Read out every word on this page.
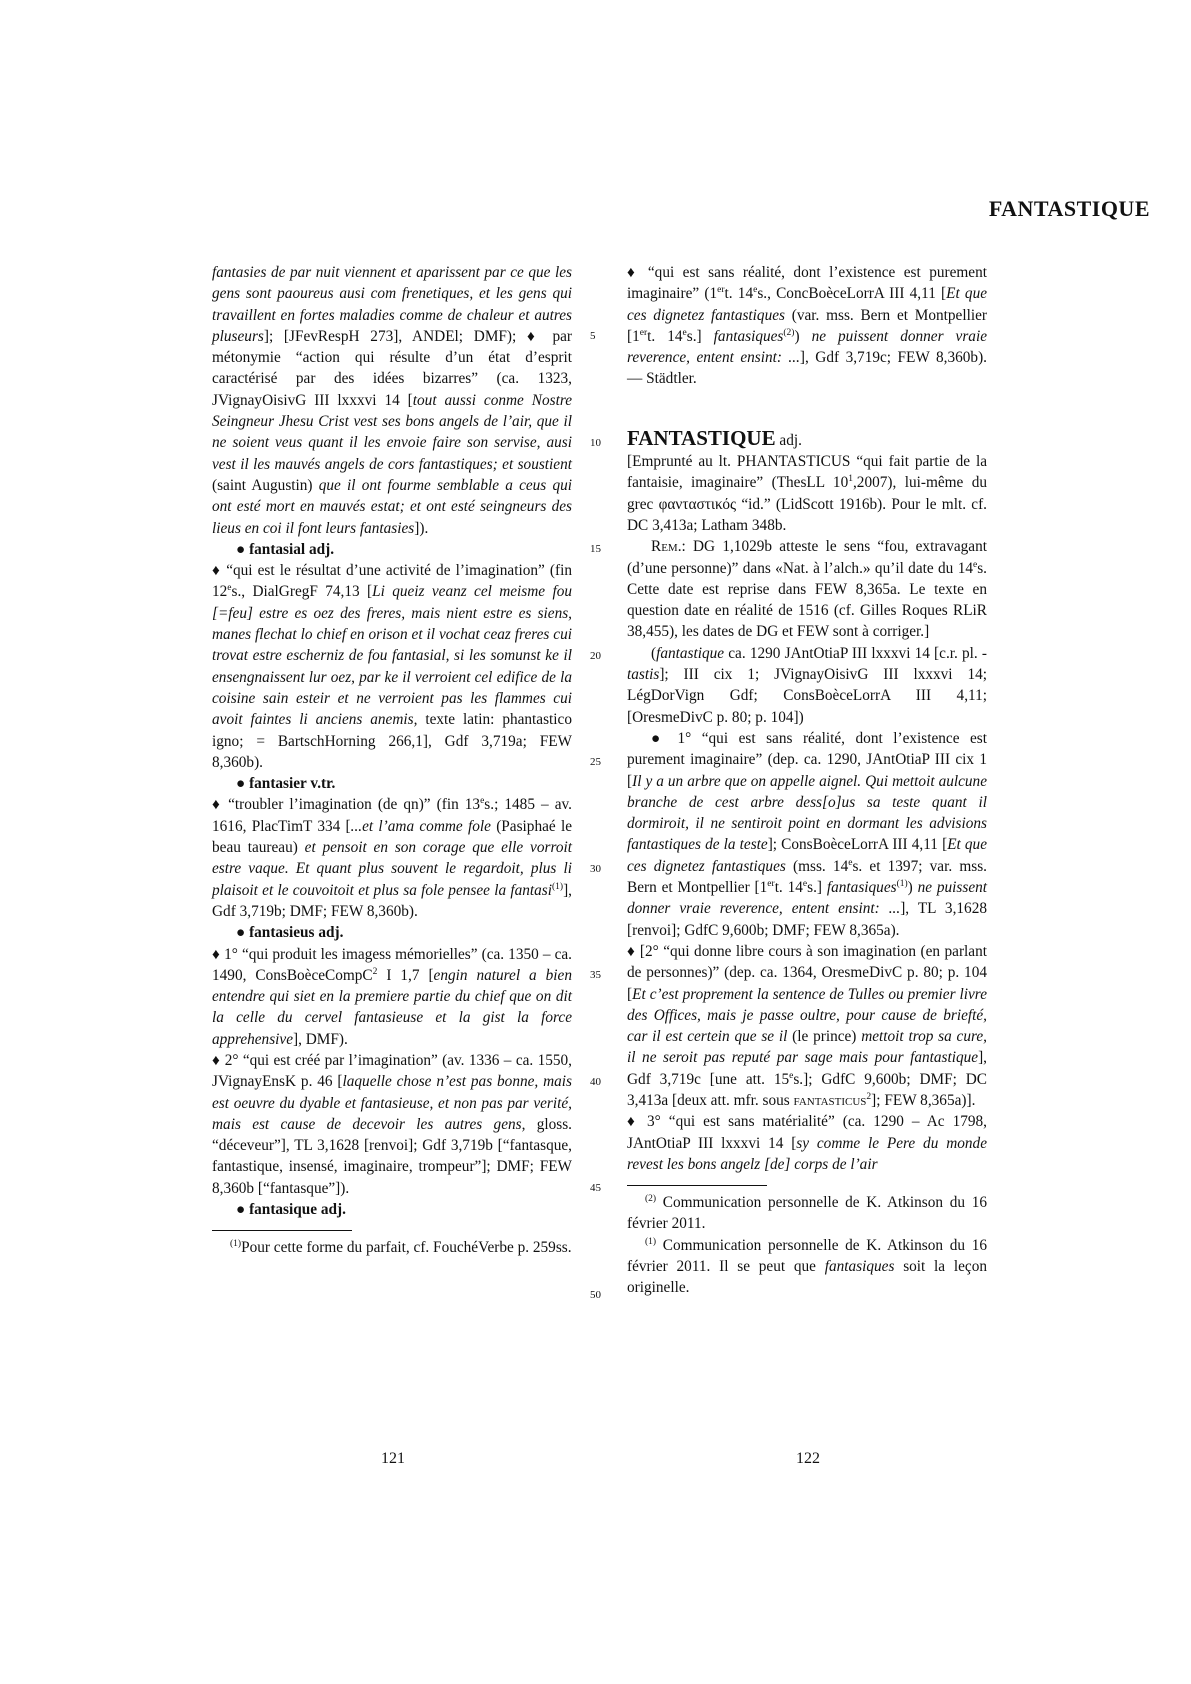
FANTASTIQUE
5
10
15
20
25
30
35
40
45
50

fantasies de par nuit viennent et aparissent par ce que les gens sont paoureus ausi com frenetiques, et les gens qui travaillent en fortes maladies comme de chaleur et autres pluseurs]; [JFevRespH 273], ANDEl; DMF); ♦ par métonymie “action qui résulte d’un état d’esprit caractérisé par des idées bizarres” (ca. 1323, JVignayOisivG III lxxxvi 14 [tout aussi conme Nostre Seingneur Jhesu Crist vest ses bons angels de l’air, que il ne soient veus quant il les envoie faire son servise, ausi vest il les mauvés angels de cors fantastiques; et soustient (saint Augustin) que il ont fourme semblable a ceus qui ont esté mort en mauvés estat; et ont esté seingneurs des lieus en coi il font leurs fantasies]).

● fantasial adj.

♦ “qui est le résultat d’une activité de l’imagination” (fin 12es., DialGregF 74,13 [Li queiz veanz cel meisme fou [=feu] estre es oez des freres, mais nient estre es siens, manes flechat lo chief en orison et il vochat ceaz freres cui trovat estre escherniz de fou fantasial, si les somunst ke il ensengnaissent lur oez, par ke il verroient cel edifice de la coisine sain esteir et ne verroient pas les flammes cui avoit faintes li anciens anemis, texte latin: phantastico igno; = BartschHorning 266,1], Gdf 3,719a; FEW 8,360b).

● fantasier v.tr.

♦ “troubler l’imagination (de qn)” (fin 13es.; 1485 – av. 1616, PlacTimT 334 [...et l’ama comme fole (Pasiphaé le beau taureau) et pensoit en son corage que elle vorroit estre vaque. Et quant plus souvent le regardoit, plus li plaisoit et le couvoitoit et plus sa fole pensee la fantasi$^{(1)}$], Gdf 3,719b; DMF; FEW 8,360b).

● fantasieus adj.

♦ 1° “qui produit les imagess mémorielles” (ca. 1350 – ca. 1490, ConsBoèceCompC$^2$ I 1,7 [engin naturel a bien entendre qui siet en la premiere partie du chief que on dit la celle du cervel fantasieuse et la gist la force apprehensive], DMF).

♦ 2° “qui est créé par l’imagination” (av. 1336 – ca. 1550, JVignayEnsK p. 46 [laquelle chose n’est pas bonne, mais est oeuvre du dyable et fantasieuse, et non pas par verité, mais est cause de decevoir les autres gens, gloss. “déceveur”], TL 3,1628 [renvoi]; Gdf 3,719b [“fantasque, fantastique, insensé, imaginaire, trompeur”]; DMF; FEW 8,360b [“fantasque”]).

● fantasique adj.

$^{(1)}$Pour cette forme du parfait, cf. FouchéVerbe p. 259ss.

♦ “qui est sans réalité, dont l’existence est purement imaginaire” (1ert. 14es., ConcBoèceLorrA III 4,11 [Et que ces dignetez fantastiques (var. mss. Bern et Montpellier [1ert. 14es.] fantasiques$^{(2)}$) ne puissent donner vraie reverence, entent ensint: ...], Gdf 3,719c; FEW 8,360b). — Städtler.

FANTASTIQUE adj.

[Emprunté au lt. PHANTASTICUS “qui fait partie de la fantaisie, imaginaire” (ThesLL $10^1,2007$), lui-même du grec φανταστικός “id.” (LidScott 1916b). Pour le mlt. cf. DC 3,413a; Latham 348b.

Rem.: DG 1,1029b atteste le sens “fou, extravagant (d’une personne)” dans «Nat. à l’alch.» qu’il date du 14es. Cette date est reprise dans FEW 8,365a. Le texte en question date en réalité de 1516 (cf. Gilles Roques RLiR 38,455), les dates de DG et FEW sont à corriger.]

(fantastique ca. 1290 JAntOtiaP III lxxxvi 14 [c.r. pl. -tastis]; III cix 1; JVignayOisivG III lxxxvi 14; LégDorVign Gdf; ConsBoèceLorrA III 4,11; [OresmeDivC p. 80; p. 104])

● 1° “qui est sans réalité, dont l’existence est purement imaginaire” (dep. ca. 1290, JAntOtiaP III cix 1 [Il y a un arbre que on appelle aignel. Qui mettoit aulcune branche de cest arbre dess[o]us sa teste quant il dormiroit, il ne sentiroit point en dormant les advisions fantastiques de la teste]; ConsBoèceLorrA III 4,11 [Et que ces dignetez fantastiques (mss. 14es. et 1397; var. mss. Bern et Montpellier [1ert. 14es.] fantasiques$^{(1)}$) ne puissent donner vraie reverence, entent ensint: ...], TL 3,1628 [renvoi]; GdfC 9,600b; DMF; FEW 8,365a).

♦ [2° “qui donne libre cours à son imagination (en parlant de personnes)” (dep. ca. 1364, OresmeDivC p. 80; p. 104 [Et c’est proprement la sentence de Tulles ou premier livre des Offices, mais je passe oultre, pour cause de briefté, car il est certein que se il (le prince) mettoit trop sa cure, il ne seroit pas reputé par sage mais pour fantastique], Gdf 3,719c [une att. 15es.]; GdfC 9,600b; DMF; DC 3,413a [deux att. mfr. sous fantasticus$^2$]; FEW 8,365a)].

♦ 3° “qui est sans matérialité” (ca. 1290 – Ac 1798, JAntOtiaP III lxxxvi 14 [sy comme le Pere du monde revest les bons angelz [de] corps de l’air

$^{(2)}$ Communication personnelle de K. Atkinson du 16 février 2011.

$^{(1)}$ Communication personnelle de K. Atkinson du 16 février 2011. Il se peut que fantasiques soit la leçon originelle.

121	122
